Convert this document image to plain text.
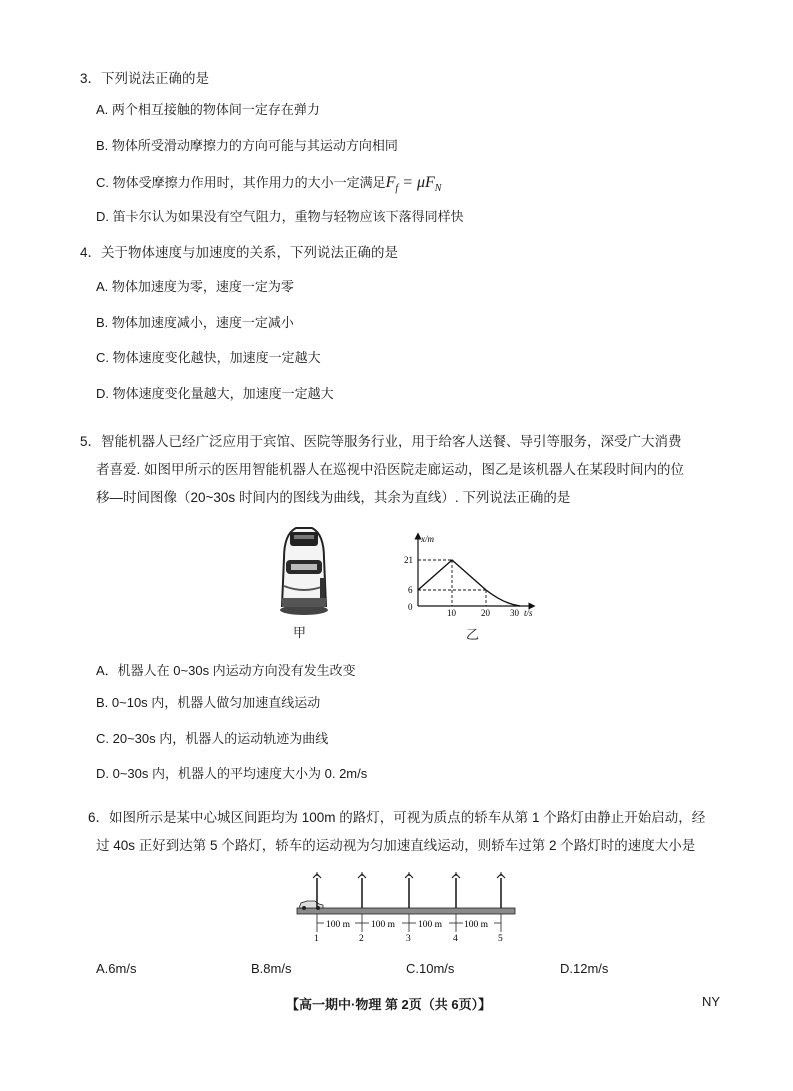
3．下列说法正确的是
A. 两个相互接触的物体间一定存在弹力
B. 物体所受滑动摩擦力的方向可能与其运动方向相同
C. 物体受摩擦力作用时，其作用力的大小一定满足$F_f = \mu F_N$
D. 笛卡尔认为如果没有空气阻力，重物与轻物应该下落得同样快
4．关于物体速度与加速度的关系，下列说法正确的是
A. 物体加速度为零，速度一定为零
B. 物体加速度减小，速度一定减小
C. 物体速度变化越快，加速度一定越大
D. 物体速度变化量越大，加速度一定越大
5．智能机器人已经广泛应用于宾馆、医院等服务行业，用于给客人送餐、导引等服务，深受广大消费
者喜爱. 如图甲所示的医用智能机器人在巡视中沿医院走廊运动，图乙是该机器人在某段时间内的位
移—时间图像（20~30s 时间内的图线为曲线，其余为直线）. 下列说法正确的是
甲
x/m
t/s
21
6
0
10	20 30
乙
A．机器人在 0~30s 内运动方向没有发生改变
B. 0~10s 内，机器人做匀加速直线运动
C. 20~30s 内，机器人的运动轨迹为曲线
D. 0~30s 内，机器人的平均速度大小为 0. 2m/s
6．如图所示是某中心城区间距均为 100m 的路灯，可视为质点的轿车从第 1 个路灯由静止开始启动，经
过 40s 正好到达第 5 个路灯，轿车的运动视为匀加速直线运动，则轿车过第 2 个路灯时的速度大小是
100 m 100 m 100 m 100 m
1	2	3	4	5
A.6m/s	B.8m/s	C.10m/s	D.12m/s
【高一期中·物理 第 2页（共 6页）】	NY
